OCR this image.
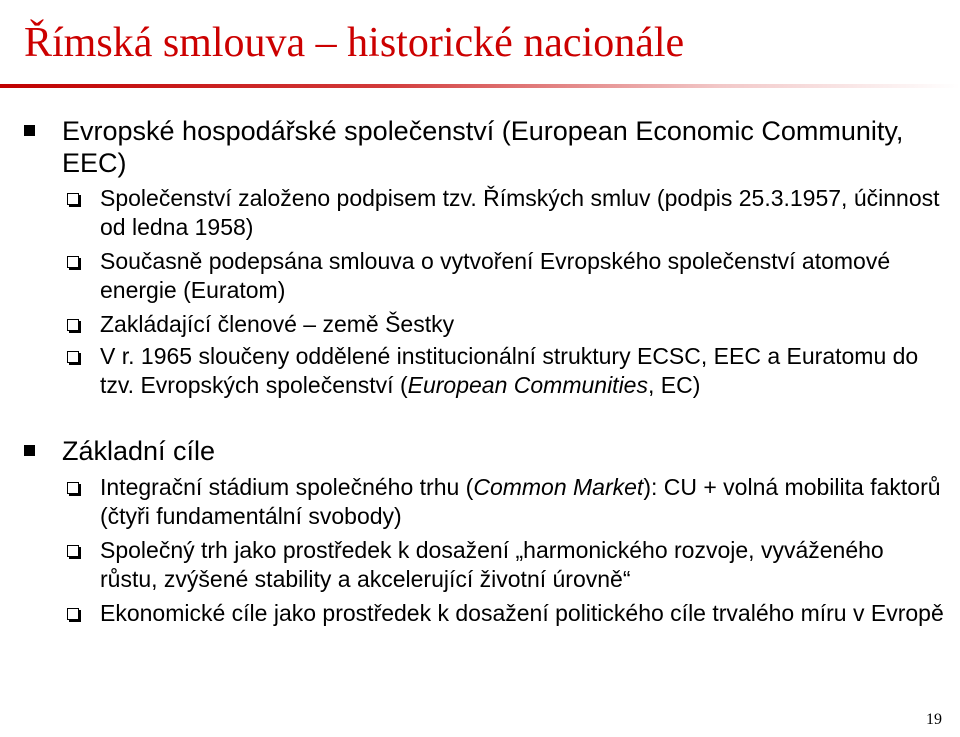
Římská smlouva – historické nacionále
Evropské hospodářské společenství (European Economic Community, EEC)
Společenství založeno podpisem tzv. Římských smluv (podpis 25.3.1957, účinnost od ledna 1958)
Současně podepsána smlouva o vytvoření Evropského společenství atomové energie (Euratom)
Zakládající členové – země Šestky
V r. 1965 sloučeny oddělené institucionální struktury ECSC, EEC a Euratomu do tzv. Evropských společenství (European Communities, EC)
Základní cíle
Integrační stádium společného trhu (Common Market): CU + volná mobilita faktorů (čtyři fundamentální svobody)
Společný trh jako prostředek k dosažení „harmonického rozvoje, vyváženého růstu, zvýšené stability a akcelerující životní úrovně“
Ekonomické cíle jako prostředek k dosažení politického cíle trvalého míru v Evropě
19
